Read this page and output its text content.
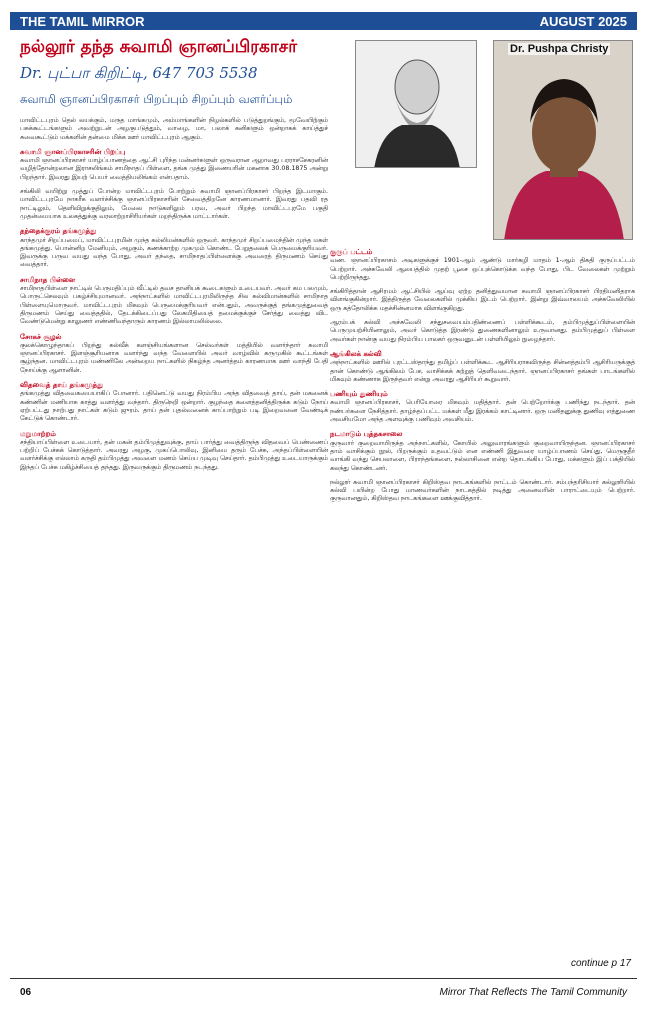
THE TAMIL MIRROR	AUGUST 2025
நல்லூர் தந்த சுவாமி ஞானப்பிரகாசர்
Dr. புட்பா கிறிட்டி, 647 703 5538
சுவாமி ஞானப்பிரகாசர் பிறப்பும் சிறப்பும் வளர்ப்பும்
Dr. Pushpa Christy

மாவிட்டபுரம் தெல் லயக்கும், மருத மாங்கமும், அம்மாங்களின் நிழல்களில் படுத்துறங்கும், மூவேயிற்கும் பசுக்கூட்டங்களும் அவற்றுடன் அழகுபடுத்தும், வாழை, மா, பலாக் கனிகளும் ஒன்றாகக் காய்த்துச் சுவைகூட்டும் மக்களின் தன்மை மிக்க ஊர் மாவிட்டபுரம் ஆகும்.

சுவாமி ஞானப்பிரகாசரின் பிறப்பு

சுவாமி ஞானப்பிரகாசர் யாழ்ப்பாணத்தை ஆட்சி புரிந்த மன்னர்களுள் ஒருவரான ஆறாவது பரராசசேகரனின் வழித்தோன்றலான இராசலிங்கம் சாமிநாதப் பிள்ளை, தங்க முத்து இணையரின் மகனாக 30.08.1875 அன்று பிறந்தார். இவரது இயற் பெயர் வைத்தியலிங்கம் என்பதாம்.

சங்கிலி வயிற்று முத்துப் போன்ற மாவிட்டபுரம் போற்றும் சுவாமி ஞானப்பிரகாசர் பிறந்த இடமாகும். மாவிட்டபுரமே நாகரீக வளர்ச்சிக்கு ஞானப்பிரகாசரின் சேவைத்திறனே காரணமானார். இவரது பதவி ரத நாட்டிலும், தெளிவிறுக்குதிலும், மேலை நாடுகளிலும் பரவ, அவர் பிறந்த மாவிட்டபுரமே பகுதி முதன்மையாக உலகத்துக்கு வரலாற்றாசிரியர்கள் மறந்திருக்க மாட்டார்கள்.

தந்தைக்குரம் தங்கமுத்து

காந்தமுர் சிறப்பமைப், மாவிட்டபுரமின் முந்த கல்லிமன்களில் ஒருவர். காந்தமுர் சிறப்பமைந்தின் முந்த மகள் தங்கமுத்து. பொன்னிற மேனியும், அழகும், கணக்காற்ற முகமும் கொண்ட பேறுதலைக் பெருமைக்குரியவர். இவருக்கு பருவ வயது வந்த போது, அவர் தந்தை, சாமிநாதப்பிள்ளைக்கு அவரைத் திருமணம் செய்து வைத்தார்.

சாமிநாத பிள்ளை

சாமிநாதபிள்ளை நாட்டில் பெருமதிப்பும் வீட்டில் தவச தானியக் கூடைகளும் உடையவர். அவர் கம பலமும், பொருட்செலவும் பகழ்ச்சியுமானவர். அந்நாட்களில் மாவிட்டபுரமிலிருந்த சில கல்விமான்களில் சாமிநாத பிள்ளையுமொருவர். மாவிட்டபுரம் மிகவும் பெருமைக்குரியவர் என்பதும், அவருக்குத் தங்கமுத்துவைத் திருமணம் செய்து வைத்ததில், தேடக்கிடைப்பது லேசுமிதியைத் தமைக்குக்குச் சேர்த்து வைத்து விட வேண்டுமென்று காலுணர் எண்ணிவந்தாரும் காரணம் இல்லாமலில்லை.

சோகச் சூழல்

குலக்கொழுந்தாகப் பிறந்து கல்வீக் களஞ்சியங்களான செல்வர்கள் மத்தியில் வளர்ந்தார் சுவாமி ஞானப்பிரகாசர். இளஞ்சூரியனாக வளர்ந்து வந்த வேளையில் அவர் வாழ்வில் கருமுகில் கூட்டங்கள் சூழ்ந்தன. மாவிட்டபுரம் மண்ணிலே அன்றைய நாட்களில் நிகழ்ந்த அனர்த்தம் காரணமாக ஊர் வாந்தி பேதி நோய்க்கு ஆளானின்.

விதவைத் தாய் தங்கமுத்து

தங்கமுத்து விதவைகயையாகிப் போனார். பதினெட்டு வயது நிரம்பிய அந்த விதவைத் தாய், தன் மகனைக் கண்ணின் மணியாக காத்து வளர்த்து வந்தார். திருநெறி ஒன்றார். குழந்தை களைத்தனித்திருக்க கடும் நோய் ஏற்பட்டது நாற்பது நாட்கள் கடும் ஜுரம். தாய் தன் புதல்வனைக் காப்பாற்றும் படி இறைவனை வேண்டிக் கேட்டுக் கொண்டார்.

மறுமாற்றம்

சந்தியாப்பிள்ளை உடையார், தன் மகன் தம்பிமுத்துவுக்கு, தாய் பார்த்து வைத்திருந்த விதவைப் பெண்ணைப் பற்றிப் பேச்சுக் கொடுத்தார். அவரது அழகு, முகப்பொலிவு, இனிமை தரும் பேச்சு, அந்தப்பிள்ளையின் வளர்ச்சிக்கு எல்லாம் கருதி தம்பிமுத்து அவளை மணம் செய்ய முடிவு செய்தார். தம்பிமுத்து உடையாருக்கும் இந்தப் பேச்சு மகிழ்ச்சியைத் தந்தது. இருவருக்கும் திருமணம் நடந்தது.

குருப் பட்டம்

வண. ஞானப்பிரகாசம் அடிகளுக்குச் 1901-ஆம் ஆண்டு மார்கழி மாதம் 1-ஆம் திகதி குருப்பட்டம் பெற்றார். அச்சுவேலி ஆலயத்தில் முதற் பூசை ஒப்புக்கொடுக்க வந்த போது, பிட வேலைகள் முற்றும் பெற்றிருந்தது.

சங்கிரித்தான் ஆசிரமம் ஆட்சியில் ஆய்வு ஏற்ற தனித்துவமான சுவாமி ஞானப்பிரகாசர் பிரதிமனிதராக விளங்குகின்றார். இத்திருத்த வேலைகளில் முக்கிய இடம் பெற்றார். இன்று இவ்வாலயம் அச்சுவேலியில் ஒரு கத்தோலிக்க மதச்சின்னமாக விளங்குகிறது.

ஆரம்பக் கல்வி அச்சுவேலி சந்துசவையம்பதிண்ணைப் பள்ளிக்கூடம், தம்பிமுத்துப்பிள்ளையின் பெருமுயற்சியினாலும், அவர் கொடுத்த இரண்டு துணைகளினாலும் உருவானது. தம்பிமுத்துப் பிள்ளை அவர்கள் நான்கு வயது நிரம்பிய பாலகர் ஒருவனுடன் பள்ளியிலும் நுழைந்தார்.

ஆங்கிலக் கல்வி

அந்நாட்களில் ஊரில் புரட்டஸ்தாந்து தமிழ்ப் பள்ளிக்கூட ஆசிரியராகவிருந்த சின்னத்தம்பி ஆசிரியருக்குத் தான் கொண்டு ஆங்கிலம் பேச, வாசிக்கக் கற்றுத் தெளிவடைந்தார். ஞானப்பிரகாசர் தங்கள் பாடங்களில் மிகவும் கண்ணாக இருந்தவர் என்று அவரது ஆசிரியர் கூறுவார்.

பணியும் துணியும்

சுவாமி ஞானப்பிரகாசர், பெரியோரை மிகவும் மதித்தார். தன் பெற்றோர்க்கு பணிந்து நடந்தார். தன் நண்பர்களை நேசித்தார். தாழ்ந்தப்பட்ட மக்கள் மீது இரக்கம் காட்டினார். ஒரு மனிதனுக்கு துணிவு எத்துணை அவசியமோ அந்த அளவுக்கு பணிவும் அவசியம்.

நடமாடும் புத்தகசாலை

குருவார் குறைவாயிருந்த அந்நாட்களில், கோயில் அலுவாரங்களும் குறைவாயிருந்தன. ஞானப்பிரகாசர் தாம் வாசிக்கும் நூல், பிறருக்கும் உதவட்டும் என எண்ணி இதுவரை யாழ்ப்பாணம் செய்து, மெருகுதீர் வாங்கி வந்து செயலாளை, பிராந்தங்களை, நல்லாசினை என்ற தொடங்கிய போது, மக்களும் இப் பக்தியில் கலந்து கொண்டனர்.

நல்லூர் சுவாமி ஞானப்பிரகாசர் கிறிஸ்தவ நாடகங்களில் நாட்டம் கொண்டார். சம்பந்தரிசியார் கல்லூரியில் கல்வி பயின்ற போது மாணவர்களின் நாடகத்தில் நடித்து அனைவரின் பாராட்டையும் பெற்றார். குருவானதும், கிறிஸ்தவ நாடகங்களை ஊக்குவித்தார்.

continue p 17
06	Mirror That Reflects The Tamil Community
